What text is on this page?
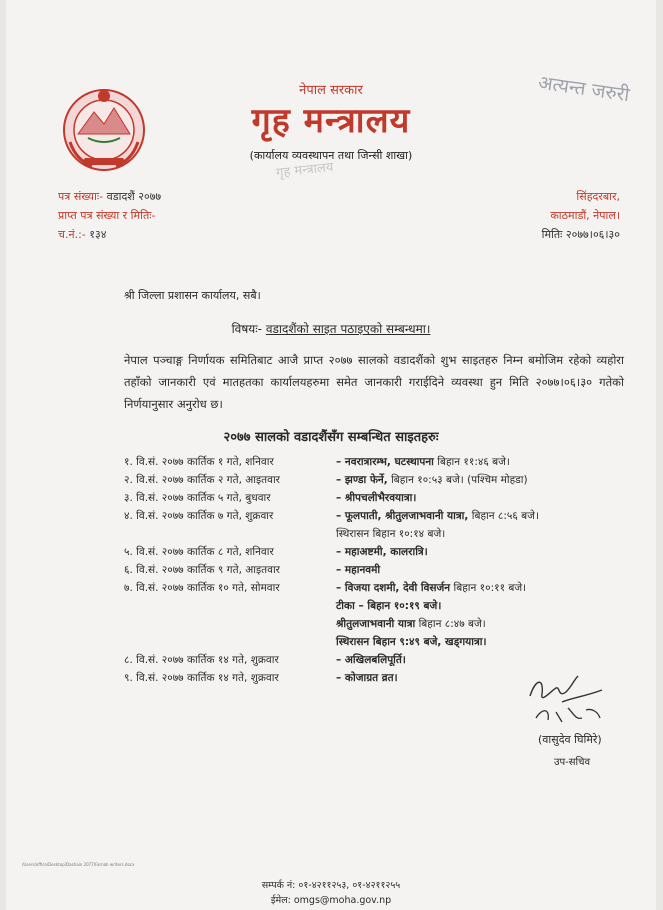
अत्यन्त जरुरी
नेपाल सरकार
गृह मन्त्रालय
(कार्यालय व्यवस्थापन तथा जिन्सी शाखा)
गृह मन्त्रालय
पत्र संख्याः- वडादशैं २०७७
प्राप्त पत्र संख्या र मितिः-
च.नं.:- १३४
सिंहदरबार,
काठमाडौं, नेपाल।
मितिः २०७७।०६।३०
श्री जिल्ला प्रशासन कार्यालय, सबै।
विषयः- वडादशैंको साइत पठाइएको सम्बन्धमा।
नेपाल पञ्चाङ्ग निर्णायक समितिबाट आजै प्राप्त २०७७ सालको वडादशैंको शुभ साइतहरु निम्न बमोजिम रहेको व्यहोरा तहाँको जानकारी एवं मातहतका कार्यालयहरुमा समेत जानकारी गराईदिने व्यवस्था हुन मिति २०७७।०६।३० गतेको निर्णयानुसार अनुरोध छ।
२०७७ सालको वडादशैंसँग सम्बन्धित साइतहरुः
१. वि.सं. २०७७ कार्तिक १ गते, शनिवार	– नवरात्रारम्भ, घटस्थापना बिहान ११:४६ बजे।
२. वि.सं. २०७७ कार्तिक २ गते, आइतवार	– झण्डा फेर्ने, बिहान १०:५३ बजे। (पश्चिम मोहडा)
३. वि.सं. २०७७ कार्तिक ५ गते, बुधवार	– श्रीपचलीभैरवयात्रा।
४. वि.सं. २०७७ कार्तिक ७ गते, शुक्रवार	– फूलपाती, श्रीतुलजाभवानी यात्रा, बिहान ८:५६ बजे।
स्थिरासन बिहान १०:१४ बजे।
५. वि.सं. २०७७ कार्तिक ८ गते, शनिवार	– महाअष्टमी, कालरात्रि।
६. वि.सं. २०७७ कार्तिक ९ गते, आइतवार	– महानवमी
७. वि.सं. २०७७ कार्तिक १० गते, सोमवार	– विजया दशमी, देवी विसर्जन बिहान १०:११ बजे।
टीका – बिहान १०:१९ बजे।
श्रीतुलजाभवानी यात्रा बिहान ८:४७ बजे।
स्थिरासन बिहान ९:४९ बजे, खड्गयात्रा।
८. वि.सं. २०७७ कार्तिक १४ गते, शुक्रवार	– अखिलबलिपूर्ति।
९. वि.सं. २०७७ कार्तिक १४ गते, शुक्रवार	– कोजाग्रत व्रत।
(वासुदेव घिमिरे)
उप-सचिव
/Users/office/Desktop/Dashain 2077/Farnah writers.docx
सम्पर्क नं: ०१-४२११२५३, ०१-४२११२५५
ईमेल: omgs@moha.gov.np
